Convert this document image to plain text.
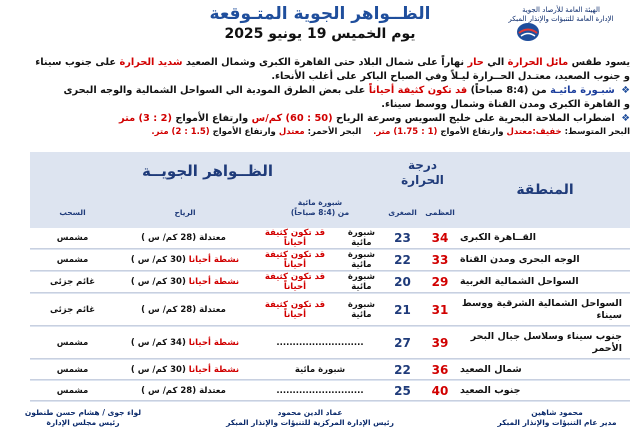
الظــواهر الجوية المتـوقعة
يوم الخميس 19 يونيو 2025
الهيئة العامة للأرصاد الجوية
الإدارة العامة للتنبؤات والإنذار المبكر

يسود طقس مائل الحرارة الي حار نهاراً على شمال البلاد حتى القاهرة الكبرى وشمال الصعيد شديد الحرارة على جنوب سيناء

و جنوب الصعيد، معتـدل الحــرارة ليـلاً وفي الصباح الباكر على أغلب الأنحاء.

❖ شبـورة مائيـة من (8:4 صباحاً) قد تكون كثيفة أحياناً على بعض الطرق المودية الي السواحل الشمالية والوجه البحرى

و القاهرة الكبرى ومدن القناة وشمال ووسط سيناء.

❖ اضطراب الملاحة البحرية على خليج السويس وسرعة الرياح (50 : 60) كم/س وارتفاع الأمواج (2 : 3) متر

البحر المتوسط: خفيف:معتدل وارتفاع الأمواج (1 : 1.75) متر.    البحر الأحمر: معتدل وارتفاع الأمواج (1.5 : 2) متر.

المنطقة
درجة الحرارة
الظــواهر الجويــة
العظمى
الصغرى
شبورة مائية
من (8:4 صباحاً)
الرياح
السحب
القــاهرة الكبرى
34
23
شبورة مائية

قد تكون كثيفة أحياناً

معتدلة (28 كم/ س )
مشمس
الوجه البحرى ومدن القناة
33
22
شبورة مائية

قد تكون كثيفة أحياناً
نشطة أحيانا

(30 كم/ س )
مشمس
السواحل الشمالية الغربية
29
20
شبورة مائية

قد تكون كثيفة أحياناً
نشطة أحيانا

(30 كم/ س )
غائم جزئى
السواحل الشمالية الشرقية ووسط سيناء
31
21
شبورة مائية

قد تكون كثيفة أحياناً

معتدلة (28 كم/ س )
غائم جزئى
جنوب سيناء وسلاسل جبال البحر الأحمر
39
27
...........................
نشطة أحيانا

(34 كم/ س )
مشمس
شمال الصعيد
36
22
شبورة مائية
نشطة أحيانا

(30 كم/ س )
مشمس
جنوب الصعيد
40
25
...........................

معتدلة (28 كم/ س )
مشمس
محمود شاهين
مدير عام التنبؤات والإنذار المبكر
عماد الدين محمود
رئيس الإدارة المركزية للتنبؤات والإنذار المبكر
لواء جوى / هشام حسن طنطون
رئيس مجلس الإدارة
